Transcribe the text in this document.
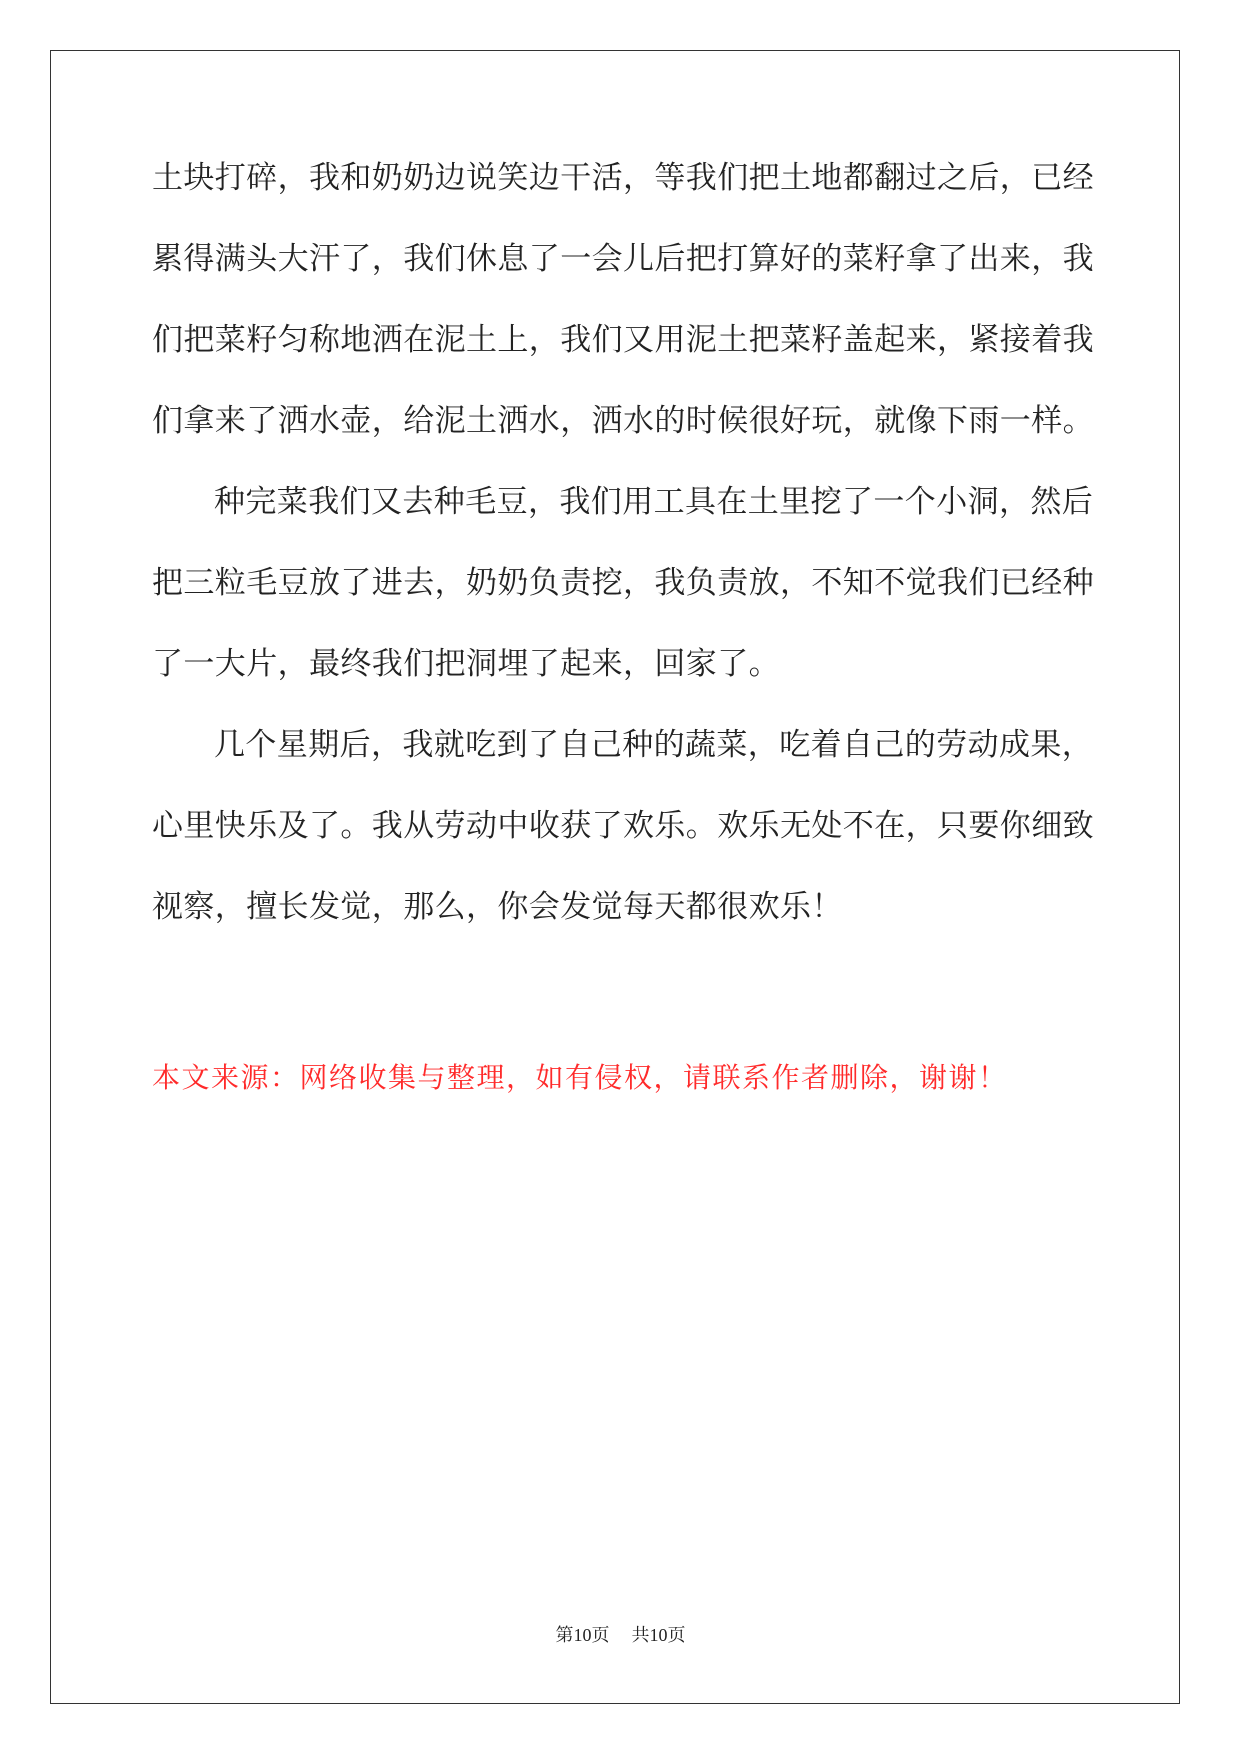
土块打碎，我和奶奶边说笑边干活，等我们把土地都翻过之后，已经

累得满头大汗了，我们休息了一会儿后把打算好的菜籽拿了出来，我

们把菜籽匀称地洒在泥土上，我们又用泥土把菜籽盖起来，紧接着我

们拿来了洒水壶，给泥土洒水，洒水的时候很好玩，就像下雨一样。

种完菜我们又去种毛豆，我们用工具在土里挖了一个小洞，然后

把三粒毛豆放了进去，奶奶负责挖，我负责放，不知不觉我们已经种

了一大片，最终我们把洞埋了起来，回家了。

几个星期后，我就吃到了自己种的蔬菜，吃着自己的劳动成果，

心里快乐及了。我从劳动中收获了欢乐。欢乐无处不在，只要你细致

视察，擅长发觉，那么，你会发觉每天都很欢乐！

本文来源：网络收集与整理，如有侵权，请联系作者删除，谢谢！
第10页 共10页
